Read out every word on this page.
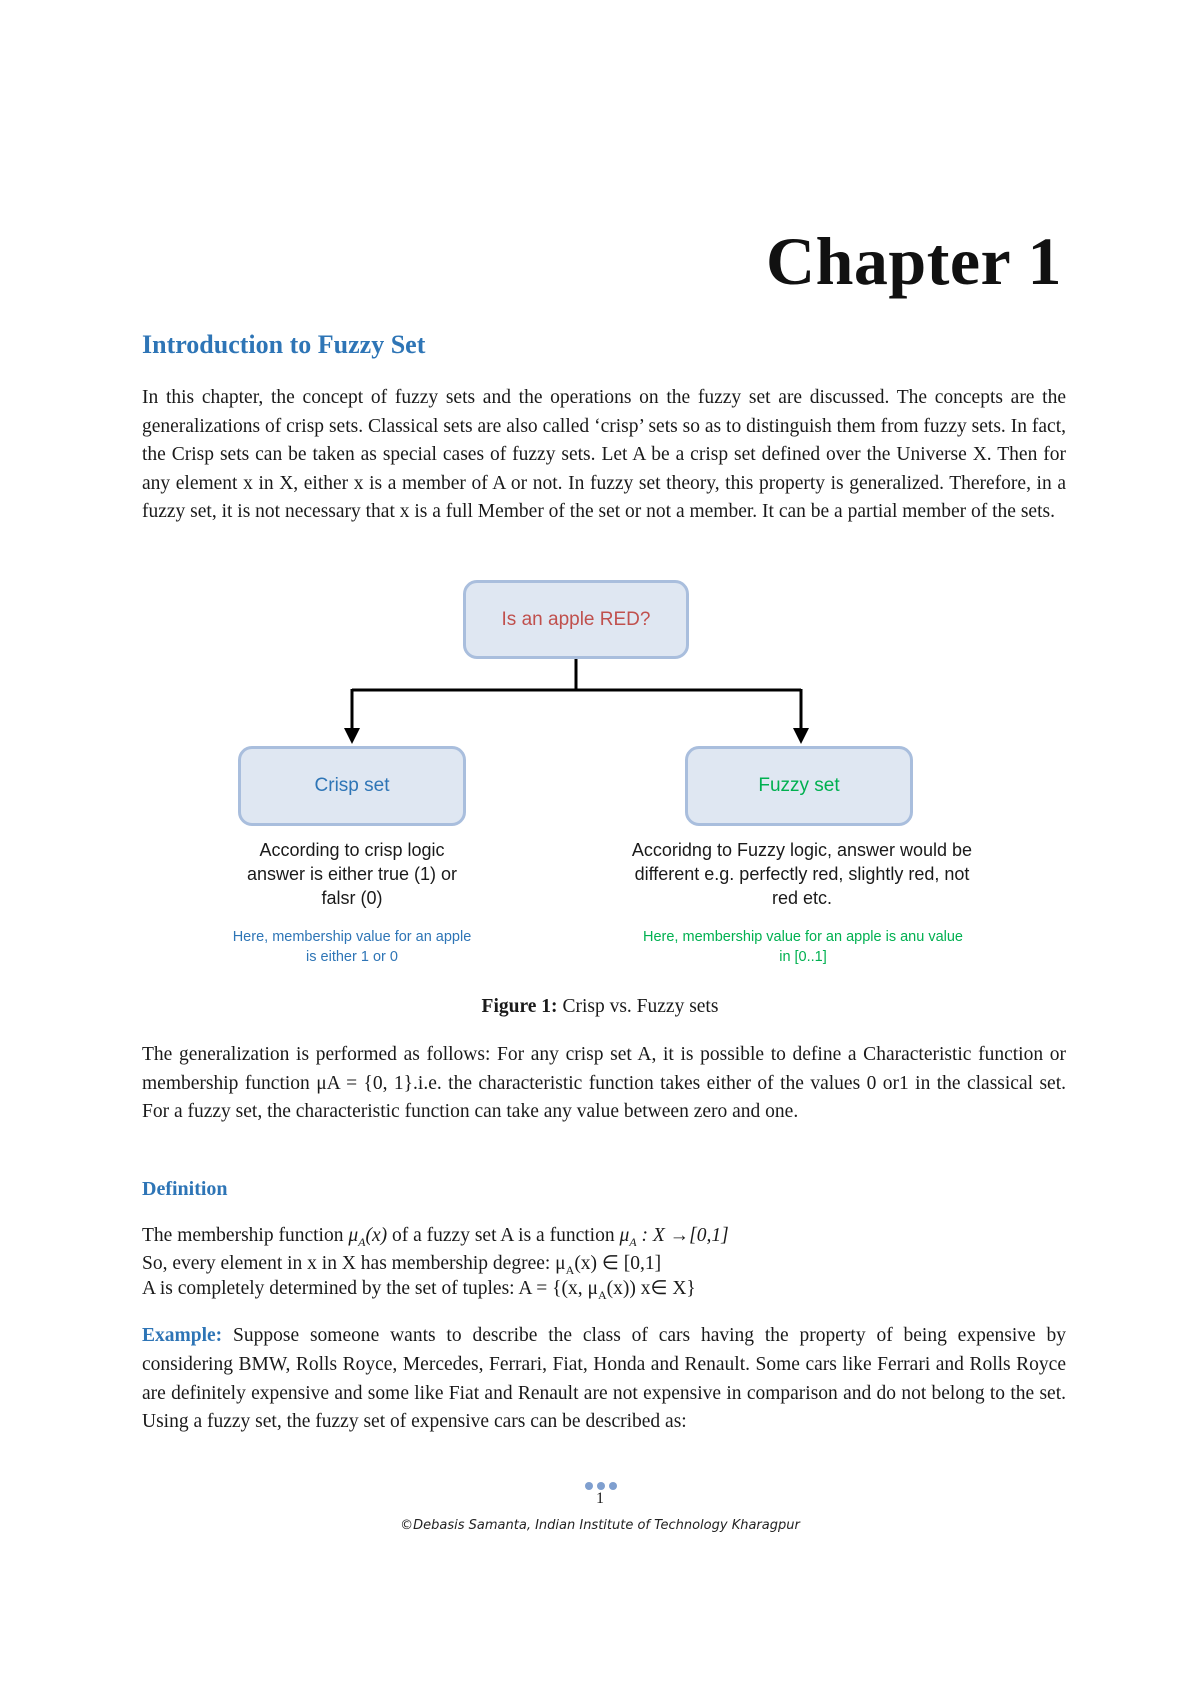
Chapter 1
Introduction to Fuzzy Set
In this chapter, the concept of fuzzy sets and the operations on the fuzzy set are discussed. The concepts are the generalizations of crisp sets. Classical sets are also called ‘crisp’ sets so as to distinguish them from fuzzy sets. In fact, the Crisp sets can be taken as special cases of fuzzy sets. Let A be a crisp set defined over the Universe X. Then for any element x in X, either x is a member of A or not. In fuzzy set theory, this property is generalized. Therefore, in a fuzzy set, it is not necessary that x is a full Member of the set or not a member. It can be a partial member of the sets.
Is an apple RED?
Crisp set	Fuzzy set
According to crisp logic answer is either true (1) or falsr (0)
Accoridng to Fuzzy logic, answer would be different e.g. perfectly red, slightly red, not red etc.
Here, membership value for an apple is either 1 or 0
Here, membership value for an apple is anu value in [0..1]
Figure 1: Crisp vs. Fuzzy sets
The generalization is performed as follows: For any crisp set A, it is possible to define a Characteristic function or membership function μA = {0, 1}.i.e. the characteristic function takes either of the values 0 or1 in the classical set. For a fuzzy set, the characteristic function can take any value between zero and one.
Definition
The membership function $\mu_A(x)$ of a fuzzy set A is a function $\mu_A$ : X →[0,1]
So, every element in x in X has membership degree: $\mu_A(x)$ ∈ [0,1]
A is completely determined by the set of tuples: A = {(x, $\mu_A(x)$) x∈ X}
Example: Suppose someone wants to describe the class of cars having the property of being expensive by considering BMW, Rolls Royce, Mercedes, Ferrari, Fiat, Honda and Renault. Some cars like Ferrari and Rolls Royce are definitely expensive and some like Fiat and Renault are not expensive in comparison and do not belong to the set. Using a fuzzy set, the fuzzy set of expensive cars can be described as:
1
©Debasis Samanta, Indian Institute of Technology Kharagpur
